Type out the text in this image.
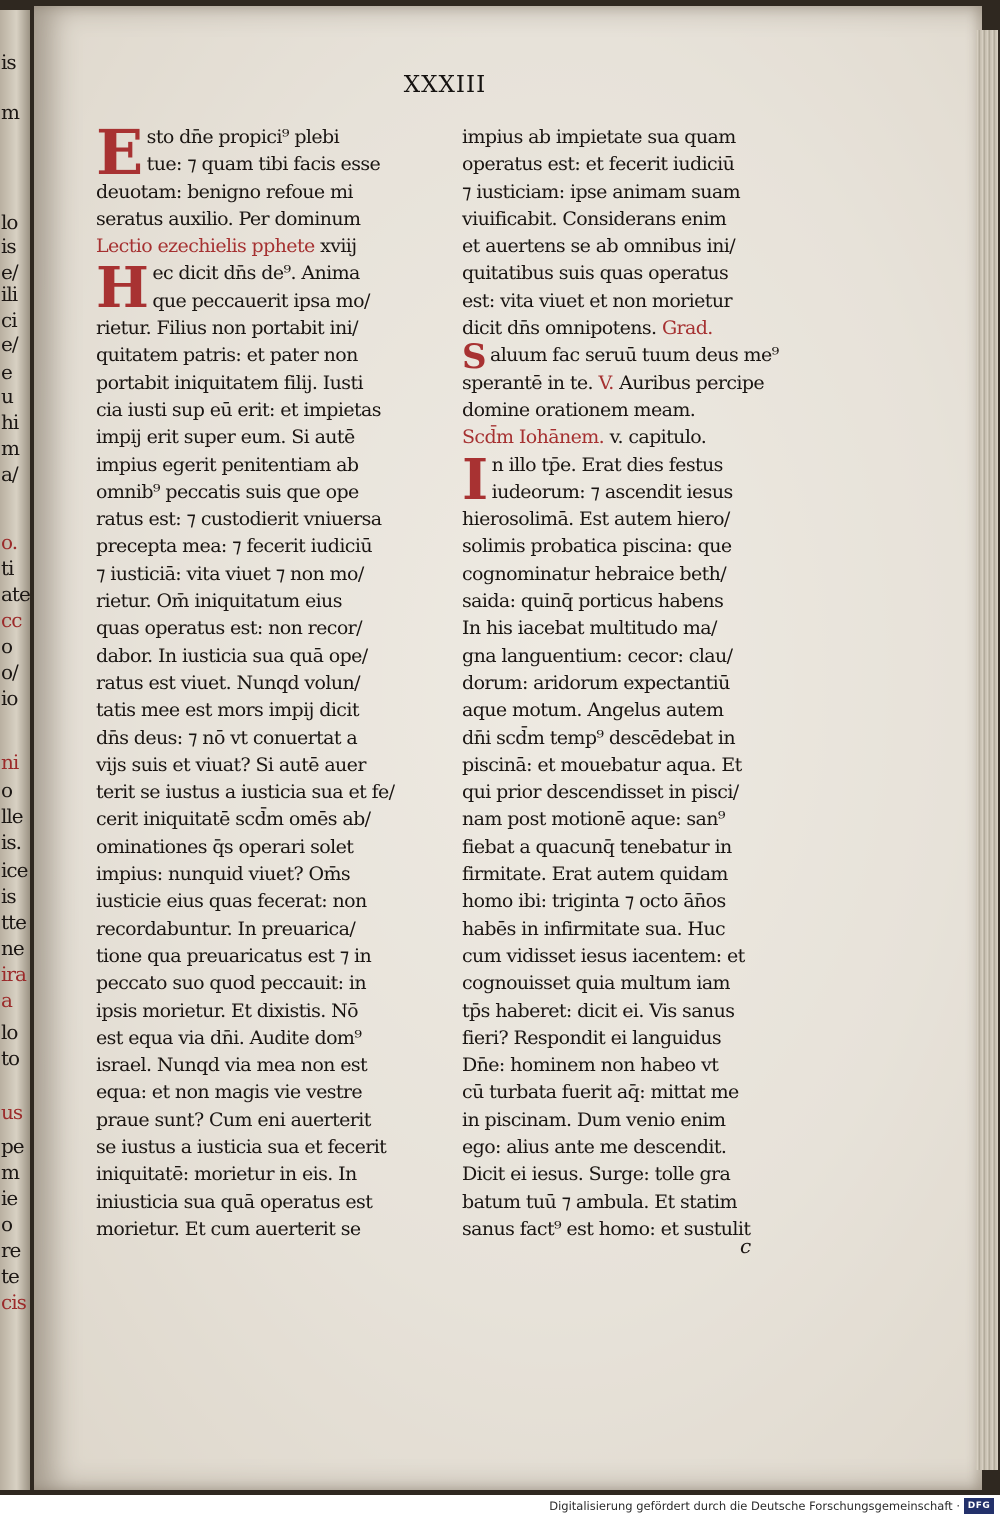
is
m
lo
is
e/
ili
ci
e/
e
u
hi
m
a/
o.
ti
ate
cc
o
o/
io
ni
o
lle
is.
ice
is
tte
ne
ira
a
lo
to
us
pe
m
ie
o
re
te
cis
XXXIII
Esto dn̄e propici⁹ plebi
tue: ⁊ quam tibi facis esse
deuotam: benigno refoue mi
seratus auxilio. Per dominum
Lectio ezechielis pphete xviij
Hec dicit dn̄s de⁹. Anima
que peccauerit ipsa mo/
rietur. Filius non portabit ini/
quitatem patris: et pater non
portabit iniquitatem filij. Iusti
cia iusti sup eū erit: et impietas
impij erit super eum. Si autē
impius egerit penitentiam ab
omnib⁹ peccatis suis que ope
ratus est: ⁊ custodierit vniuersa
precepta mea: ⁊ fecerit iudiciū
⁊ iusticiā: vita viuet ⁊ non mo/
rietur. Om̄ iniquitatum eius
quas operatus est: non recor/
dabor. In iusticia sua quā ope/
ratus est viuet. Nunqd volun/
tatis mee est mors impij dicit
dn̄s deus: ⁊ nō vt conuertat a
vijs suis et viuat? Si autē auer
terit se iustus a iusticia sua et fe/
cerit iniquitatē scd̄m omēs ab/
ominationes q̄s operari solet
impius: nunquid viuet? Om̄s
iusticie eius quas fecerat: non
recordabuntur. In preuarica/
tione qua preuaricatus est ⁊ in
peccato suo quod peccauit: in
ipsis morietur. Et dixistis. Nō
est equa via dn̄i. Audite dom⁹
israel. Nunqd via mea non est
equa: et non magis vie vestre
praue sunt? Cum eni auerterit
se iustus a iusticia sua et fecerit
iniquitatē: morietur in eis. In
iniusticia sua quā operatus est
morietur. Et cum auerterit se
impius ab impietate sua quam
operatus est: et fecerit iudiciū
⁊ iusticiam: ipse animam suam
viuificabit. Considerans enim
et auertens se ab omnibus ini/
quitatibus suis quas operatus
est: vita viuet et non morietur
dicit dn̄s omnipotens. Grad.
Saluum fac seruū tuum deus me⁹
sperantē in te. V. Auribus percipe
domine orationem meam.
Scd̄m Iohānem. v. capitulo.
In illo tp̄e. Erat dies festus
iudeorum: ⁊ ascendit iesus
hierosolimā. Est autem hiero/
solimis probatica piscina: que
cognominatur hebraice beth/
saida: quinq̄ porticus habens
In his iacebat multitudo ma/
gna languentium: cecor: clau/
dorum: aridorum expectantiū
aque motum. Angelus autem
dn̄i scd̄m temp⁹ descēdebat in
piscinā: et mouebatur aqua. Et
qui prior descendisset in pisci/
nam post motionē aque: san⁹
fiebat a quacunq̄ tenebatur in
firmitate. Erat autem quidam
homo ibi: triginta ⁊ octo ān̄os
habēs in infirmitate sua. Huc
cum vidisset iesus iacentem: et
cognouisset quia multum iam
tp̄s haberet: dicit ei. Vis sanus
fieri? Respondit ei languidus
Dn̄e: hominem non habeo vt
cū turbata fuerit aq̄: mittat me
in piscinam. Dum venio enim
ego: alius ante me descendit.
Dicit ei iesus. Surge: tolle gra
batum tuū ⁊ ambula. Et statim
sanus fact⁹ est homo: et sustulit
c
Digitalisierung gefördert durch die Deutsche Forschungsgemeinschaft · DFG
